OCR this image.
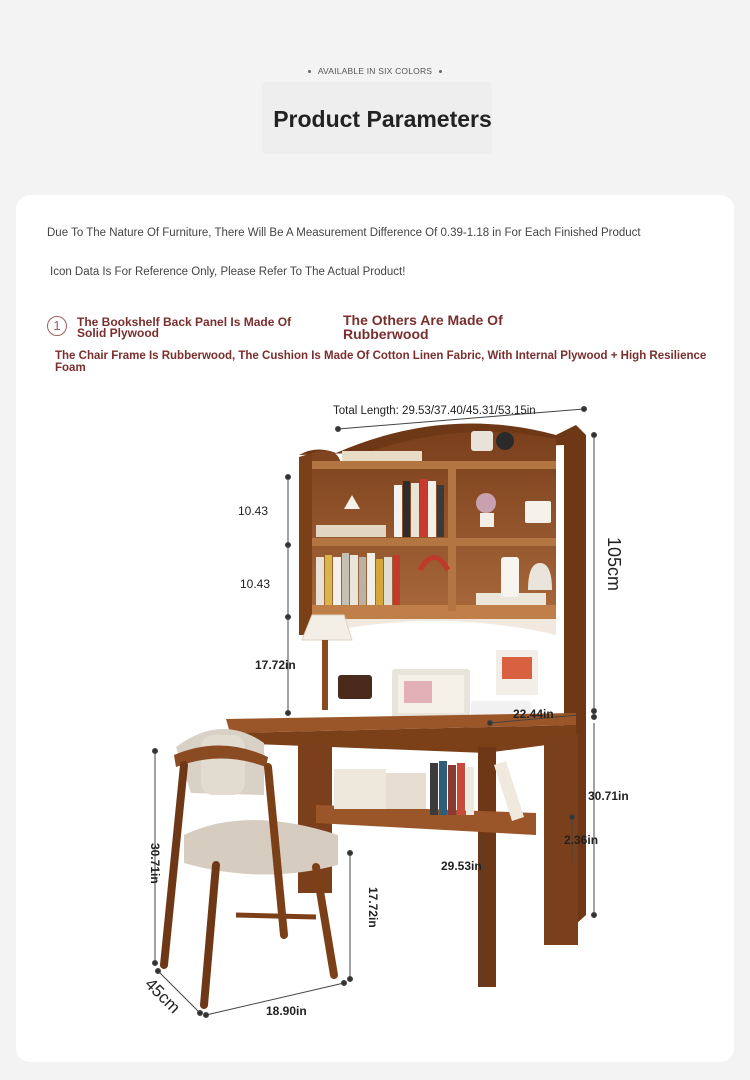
AVAILABLE IN SIX COLORS
Product Parameters
Due To The Nature Of Furniture, There Will Be A Measurement Difference Of 0.39-1.18 in For Each Finished Product
Icon Data Is For Reference Only, Please Refer To The Actual Product!
1	The Bookshelf Back Panel Is Made Of Solid Plywood
The Others Are Made Of Rubberwood
The Chair Frame Is Rubberwood, The Cushion Is Made Of Cotton Linen Fabric, With Internal Plywood + High Resilience Foam
Total Length: 29.53/37.40/45.31/53.15in
10.43
10.43
17.72in
22.44in
105cm
30.71in
2.36in
29.53in
30.71in
17.72in
45cm	18.90in
